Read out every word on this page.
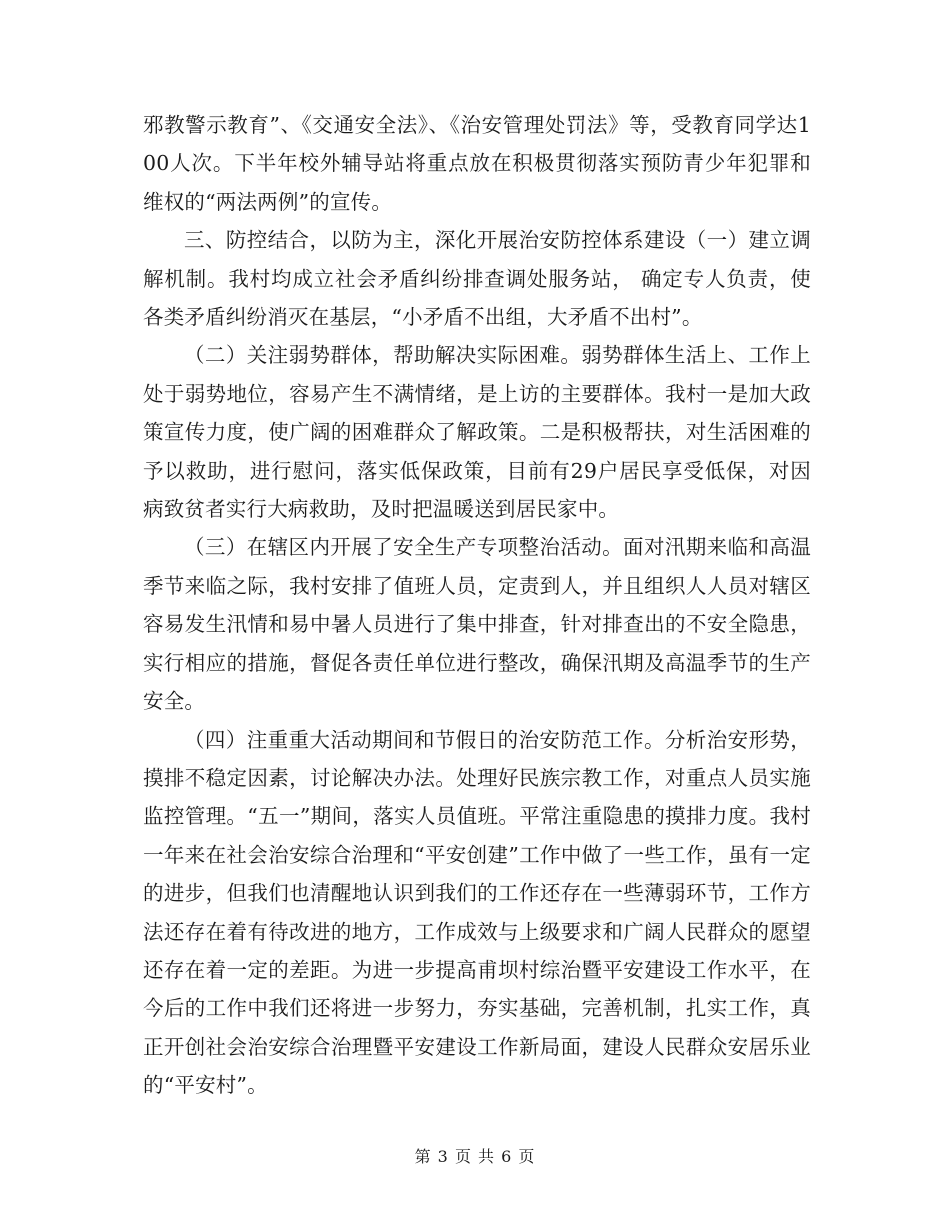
邪教警示教育”、《交通安全法》、《治安管理处罚法》等，受教育同学达100人次。下半年校外辅导站将重点放在积极贯彻落实预防青少年犯罪和维权的“两法两例”的宣传。

三、防控结合，以防为主，深化开展治安防控体系建设（一）建立调解机制。我村均成立社会矛盾纠纷排查调处服务站， 确定专人负责，使各类矛盾纠纷消灭在基层，“小矛盾不出组，大矛盾不出村”。

（二）关注弱势群体，帮助解决实际困难。弱势群体生活上、工作上处于弱势地位，容易产生不满情绪，是上访的主要群体。我村一是加大政策宣传力度，使广阔的困难群众了解政策。二是积极帮扶，对生活困难的予以救助，进行慰问，落实低保政策，目前有29户居民享受低保，对因病致贫者实行大病救助，及时把温暖送到居民家中。

（三）在辖区内开展了安全生产专项整治活动。面对汛期来临和高温季节来临之际，我村安排了值班人员，定责到人，并且组织人人员对辖区容易发生汛情和易中暑人员进行了集中排查，针对排查出的不安全隐患，实行相应的措施，督促各责任单位进行整改，确保汛期及高温季节的生产安全。

（四）注重重大活动期间和节假日的治安防范工作。分析治安形势，摸排不稳定因素，讨论解决办法。处理好民族宗教工作，对重点人员实施监控管理。“五一”期间，落实人员值班。平常注重隐患的摸排力度。我村一年来在社会治安综合治理和“平安创建”工作中做了一些工作，虽有一定的进步，但我们也清醒地认识到我们的工作还存在一些薄弱环节，工作方法还存在着有待改进的地方，工作成效与上级要求和广阔人民群众的愿望还存在着一定的差距。为进一步提高甫坝村综治暨平安建设工作水平，在今后的工作中我们还将进一步努力，夯实基础，完善机制，扎实工作，真正开创社会治安综合治理暨平安建设工作新局面，建设人民群众安居乐业的“平安村”。

第 3 页 共 6 页
